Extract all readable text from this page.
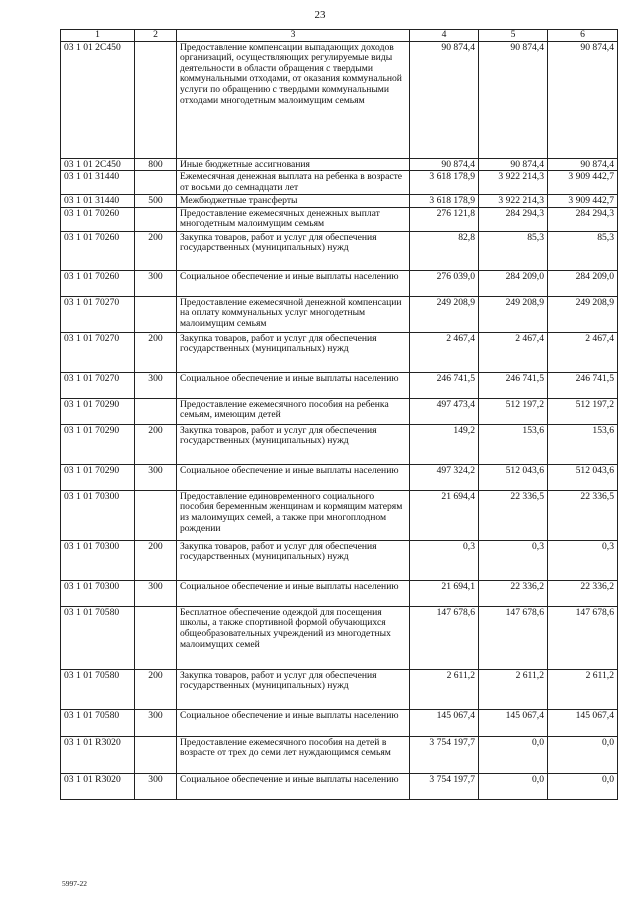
23
1	2	3	4	5	6
03 1 01 2С450		Предоставление компенсации выпадающих доходов организаций, осуществляющих регулируемые виды деятельности в области обращения с твердыми коммунальными отходами, от оказания коммунальной услуги по обращению с твердыми коммунальными отходами многодетным малоимущим семьям	90 874,4	90 874,4	90 874,4
03 1 01 2С450	800	Иные бюджетные ассигнования	90 874,4	90 874,4	90 874,4
03 1 01 31440		Ежемесячная денежная выплата на ребенка в возрасте от восьми до семнадцати лет	3 618 178,9	3 922 214,3	3 909 442,7
03 1 01 31440	500	Межбюджетные трансферты	3 618 178,9	3 922 214,3	3 909 442,7
03 1 01 70260		Предоставление ежемесячных денежных выплат многодетным малоимущим семьям	276 121,8	284 294,3	284 294,3
03 1 01 70260	200	Закупка товаров, работ и услуг для обеспечения государственных (муниципальных) нужд	82,8	85,3	85,3
03 1 01 70260	300	Социальное обеспечение и иные выплаты населению	276 039,0	284 209,0	284 209,0
03 1 01 70270		Предоставление ежемесячной денежной компенсации на оплату коммунальных услуг многодетным малоимущим семьям	249 208,9	249 208,9	249 208,9
03 1 01 70270	200	Закупка товаров, работ и услуг для обеспечения государственных (муниципальных) нужд	2 467,4	2 467,4	2 467,4
03 1 01 70270	300	Социальное обеспечение и иные выплаты населению	246 741,5	246 741,5	246 741,5
03 1 01 70290		Предоставление ежемесячного пособия на ребенка семьям, имеющим детей	497 473,4	512 197,2	512 197,2
03 1 01 70290	200	Закупка товаров, работ и услуг для обеспечения государственных (муниципальных) нужд	149,2	153,6	153,6
03 1 01 70290	300	Социальное обеспечение и иные выплаты населению	497 324,2	512 043,6	512 043,6
03 1 01 70300		Предоставление единовременного социального пособия беременным женщинам и кормящим матерям из малоимущих семей, а также при многоплодном рождении	21 694,4	22 336,5	22 336,5
03 1 01 70300	200	Закупка товаров, работ и услуг для обеспечения государственных (муниципальных) нужд	0,3	0,3	0,3
03 1 01 70300	300	Социальное обеспечение и иные выплаты населению	21 694,1	22 336,2	22 336,2
03 1 01 70580		Бесплатное обеспечение одеждой для посещения школы, а также спортивной формой обучающихся общеобразовательных учреждений из многодетных малоимущих семей	147 678,6	147 678,6	147 678,6
03 1 01 70580	200	Закупка товаров, работ и услуг для обеспечения государственных (муниципальных) нужд	2 611,2	2 611,2	2 611,2
03 1 01 70580	300	Социальное обеспечение и иные выплаты населению	145 067,4	145 067,4	145 067,4
03 1 01 R3020		Предоставление ежемесячного пособия на детей в возрасте от трех до семи лет нуждающимся семьям	3 754 197,7	0,0	0,0
03 1 01 R3020	300	Социальное обеспечение и иные выплаты населению	3 754 197,7	0,0	0,0
5997-22
